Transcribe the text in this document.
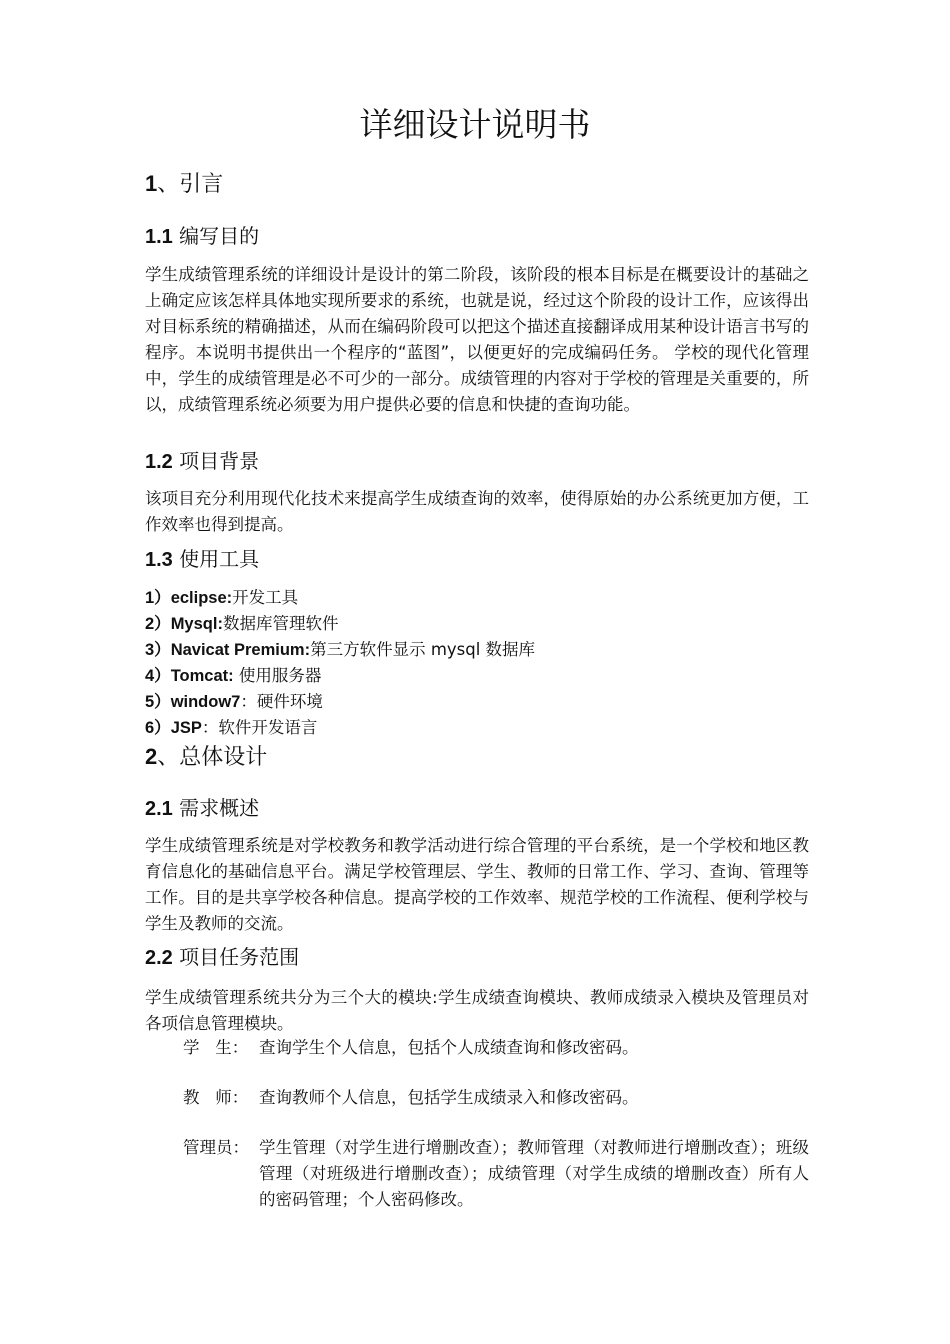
详细设计说明书
1、引言
1.1 编写目的

学生成绩管理系统的详细设计是设计的第二阶段，该阶段的根本目标是在概要设计的基础之上确定应该怎样具体地实现所要求的系统，也就是说，经过这个阶段的设计工作，应该得出对目标系统的精确描述，从而在编码阶段可以把这个描述直接翻译成用某种设计语言书写的程序。本说明书提供出一个程序的“蓝图”，以便更好的完成编码任务。 学校的现代化管理中，学生的成绩管理是必不可少的一部分。成绩管理的内容对于学校的管理是关重要的，所以，成绩管理系统必须要为用户提供必要的信息和快捷的查询功能。

1.2 项目背景

该项目充分利用现代化技术来提高学生成绩查询的效率，使得原始的办公系统更加方便，工作效率也得到提高。

1.3 使用工具
1）eclipse:开发工具
2）Mysql:数据库管理软件
3）Navicat Premium:第三方软件显示 mysql 数据库
4）Tomcat: 使用服务器
5）window7：硬件环境
6）JSP：软件开发语言
2、总体设计
2.1 需求概述

学生成绩管理系统是对学校教务和教学活动进行综合管理的平台系统，是一个学校和地区教育信息化的基础信息平台。满足学校管理层、学生、教师的日常工作、学习、查询、管理等工作。目的是共享学校各种信息。提高学校的工作效率、规范学校的工作流程、便利学校与学生及教师的交流。

2.2 项目任务范围

学生成绩管理系统共分为三个大的模块:学生成绩查询模块、教师成绩录入模块及管理员对各项信息管理模块。

学   生： 查询学生个人信息，包括个人成绩查询和修改密码。
教   师： 查询教师个人信息，包括学生成绩录入和修改密码。
管理员： 学生管理（对学生进行增删改查）；教师管理（对教师进行增删改查）；班级管理（对班级进行增删改查）；成绩管理（对学生成绩的增删改查）所有人的密码管理；个人密码修改。
